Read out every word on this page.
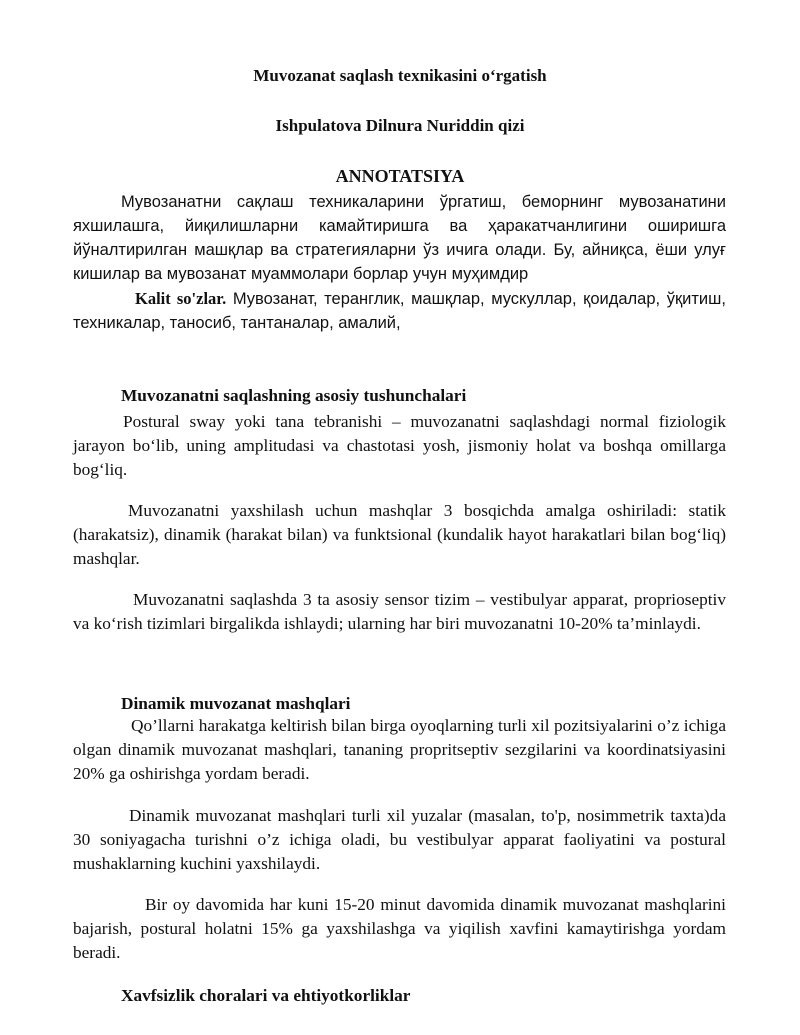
Muvozanat saqlash texnikasini o‘rgatish
Ishpulatova Dilnura Nuriddin qizi
ANNOTATSIYA

Мувозанатни сақлаш техникаларини ўргатиш, беморнинг мувозанатини яхшилашга, йиқилишларни камайтиришга ва ҳаракатчанлигини оширишга йўналтирилган машқлар ва стратегияларни ўз ичига олади. Бу, айниқса, ёши улуғ кишилар ва мувозанат муаммолари борлар учун муҳимдир

Kalit so'zlar. Мувозанат, теранглик, машқлар, мускуллар, қоидалар, ўқитиш, техникалар, таносиб, тантаналар, амалий,

Muvozanatni saqlashning asosiy tushunchalari

Postural sway yoki tana tebranishi – muvozanatni saqlashdagi normal fiziologik jarayon bo‘lib, uning amplitudasi va chastotasi yosh, jismoniy holat va boshqa omillarga bog‘liq.

Muvozanatni yaxshilash uchun mashqlar 3 bosqichda amalga oshiriladi: statik (harakatsiz), dinamik (harakat bilan) va funktsional (kundalik hayot harakatlari bilan bog‘liq) mashqlar.

Muvozanatni saqlashda 3 ta asosiy sensor tizim – vestibulyar apparat, proprioseptiv va ko‘rish tizimlari birgalikda ishlaydi; ularning har biri muvozanatni 10-20% ta’minlaydi.

Dinamik muvozanat mashqlari

Qo’llarni harakatga keltirish bilan birga oyoqlarning turli xil pozitsiyalarini o’z ichiga olgan dinamik muvozanat mashqlari, tananing propritseptiv sezgilarini va koordinatsiyasini 20% ga oshirishga yordam beradi.

Dinamik muvozanat mashqlari turli xil yuzalar (masalan, to'p, nosimmetrik taxta)da 30 soniyagacha turishni o’z ichiga oladi, bu vestibulyar apparat faoliyatini va postural mushaklarning kuchini yaxshilaydi.

Bir oy davomida har kuni 15-20 minut davomida dinamik muvozanat mashqlarini bajarish, postural holatni 15% ga yaxshilashga va yiqilish xavfini kamaytirishga yordam beradi.

Xavfsizlik choralari va ehtiyotkorliklar
